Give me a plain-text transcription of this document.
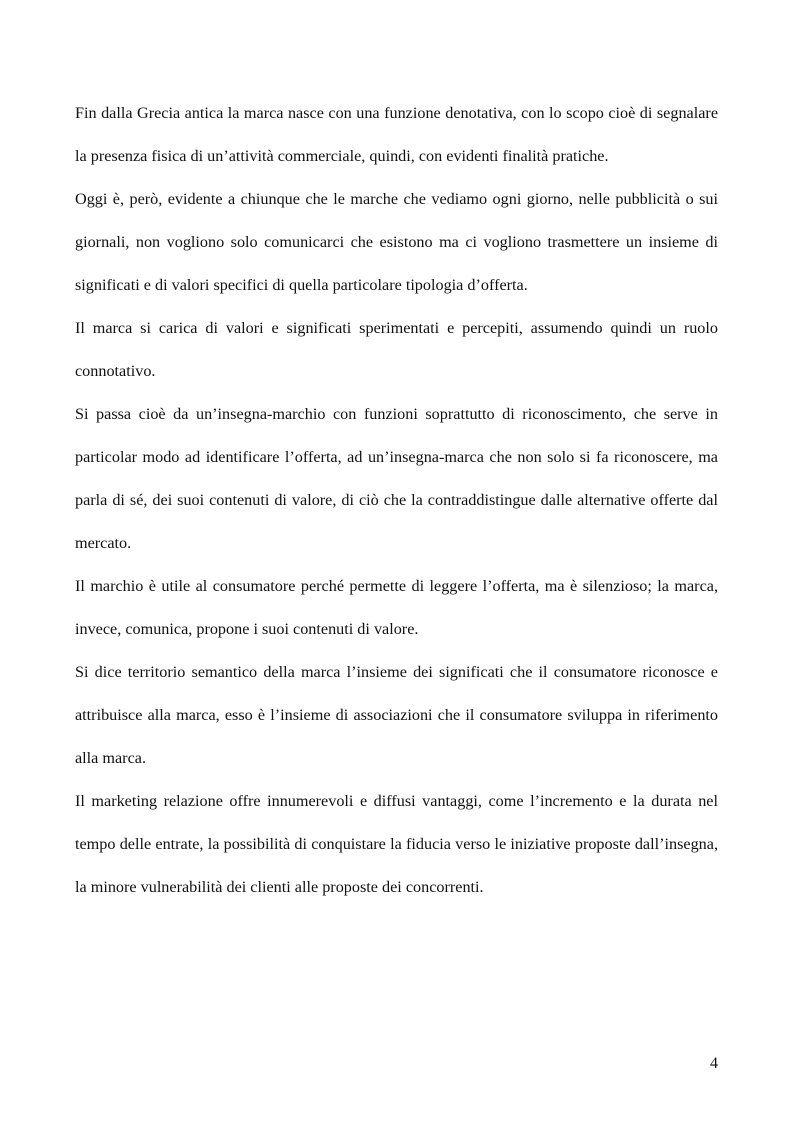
Fin dalla Grecia antica la marca nasce con una funzione denotativa, con lo scopo cioè di segnalare la presenza fisica di un’attività commerciale, quindi, con evidenti finalità pratiche.

Oggi è, però, evidente a chiunque che le marche che vediamo ogni giorno, nelle pubblicità o sui giornali, non vogliono solo comunicarci che esistono ma ci vogliono trasmettere un insieme di significati e di valori specifici di quella particolare tipologia d’offerta.

Il marca si carica di valori e significati sperimentati e percepiti, assumendo quindi un ruolo connotativo.

Si passa cioè da un’insegna-marchio con funzioni soprattutto di riconoscimento, che serve in particolar modo ad identificare l’offerta, ad un’insegna-marca che non solo si fa riconoscere, ma parla di sé, dei suoi contenuti di valore, di ciò che la contraddistingue dalle alternative offerte dal mercato.

Il marchio è utile al consumatore perché permette di leggere l’offerta, ma è silenzioso; la marca, invece, comunica, propone i suoi contenuti di valore.

Si dice territorio semantico della marca l’insieme dei significati che il consumatore riconosce e attribuisce alla marca, esso è l’insieme di associazioni che il consumatore sviluppa in riferimento alla marca.

Il marketing relazione offre innumerevoli e diffusi vantaggi, come l’incremento e la durata nel tempo delle entrate, la possibilità di conquistare la fiducia verso le iniziative proposte dall’insegna, la minore vulnerabilità dei clienti alle proposte dei concorrenti.

4
